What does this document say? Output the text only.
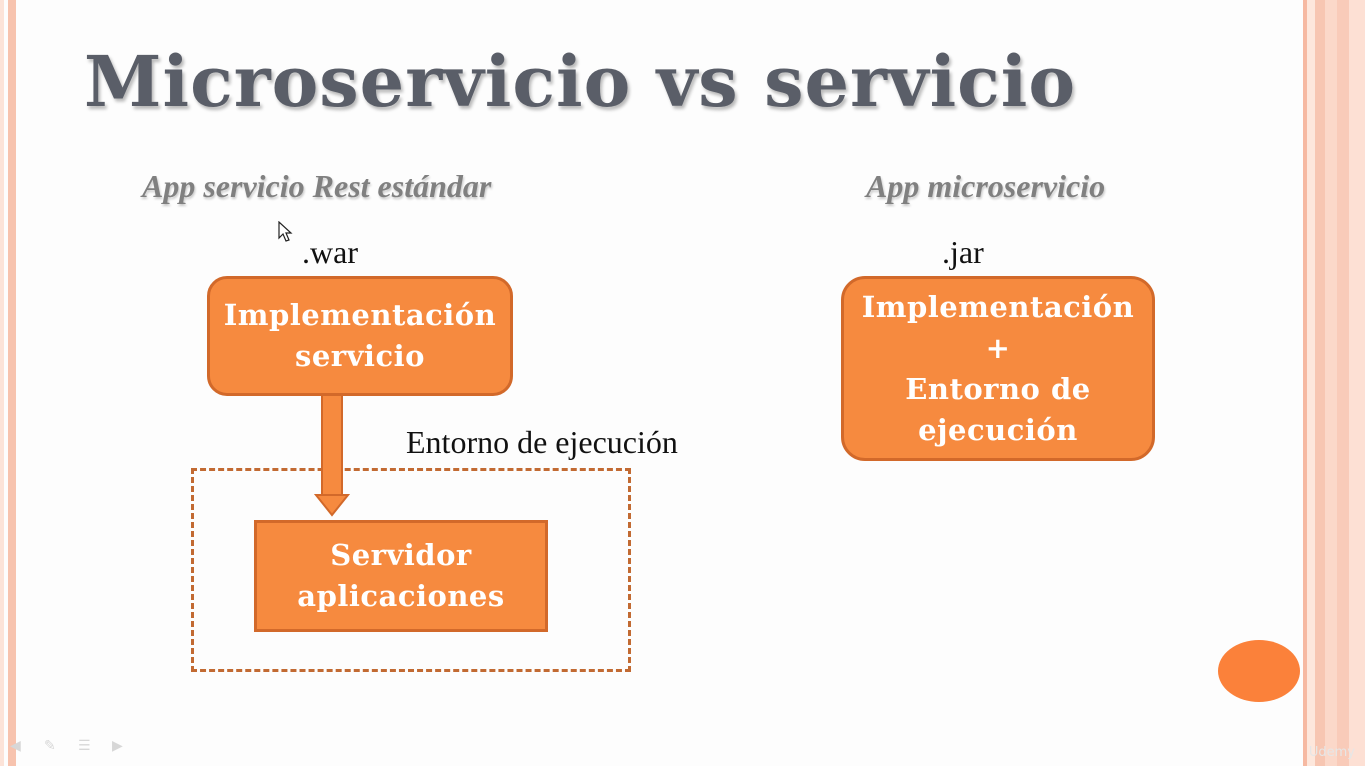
Microservicio vs servicio
App servicio Rest estándar	App microservicio
.war	.jar
Implementación
servicio
Entorno de ejecución
Servidor
aplicaciones
Implementación
+
Entorno de
ejecución
◀	✎	☰	▶	Udemy
